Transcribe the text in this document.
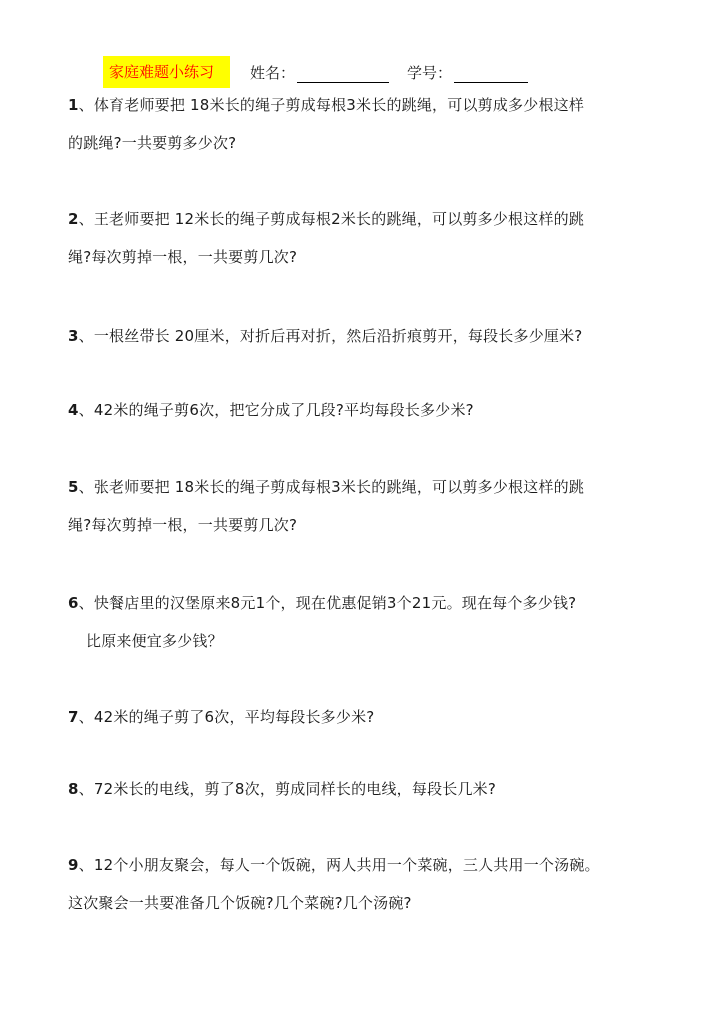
家庭难题小练习	姓名：	学号：
1、体育老师要把 18米长的绳子剪成每根3米长的跳绳，可以剪成多少根这样
的跳绳?一共要剪多少次?
2、王老师要把 12米长的绳子剪成每根2米长的跳绳，可以剪多少根这样的跳
绳?每次剪掉一根，一共要剪几次?
3、一根丝带长 20厘米，对折后再对折，然后沿折痕剪开，每段长多少厘米?
4、42米的绳子剪6次，把它分成了几段?平均每段长多少米?
5、张老师要把 18米长的绳子剪成每根3米长的跳绳，可以剪多少根这样的跳
绳?每次剪掉一根，一共要剪几次?
6、快餐店里的汉堡原来8元1个，现在优惠促销3个21元。现在每个多少钱?
比原来便宜多少钱？
7、42米的绳子剪了6次，平均每段长多少米?
8、72米长的电线，剪了8次，剪成同样长的电线，每段长几米?
9、12个小朋友聚会，每人一个饭碗，两人共用一个菜碗，三人共用一个汤碗。
这次聚会一共要准备几个饭碗?几个菜碗?几个汤碗?
